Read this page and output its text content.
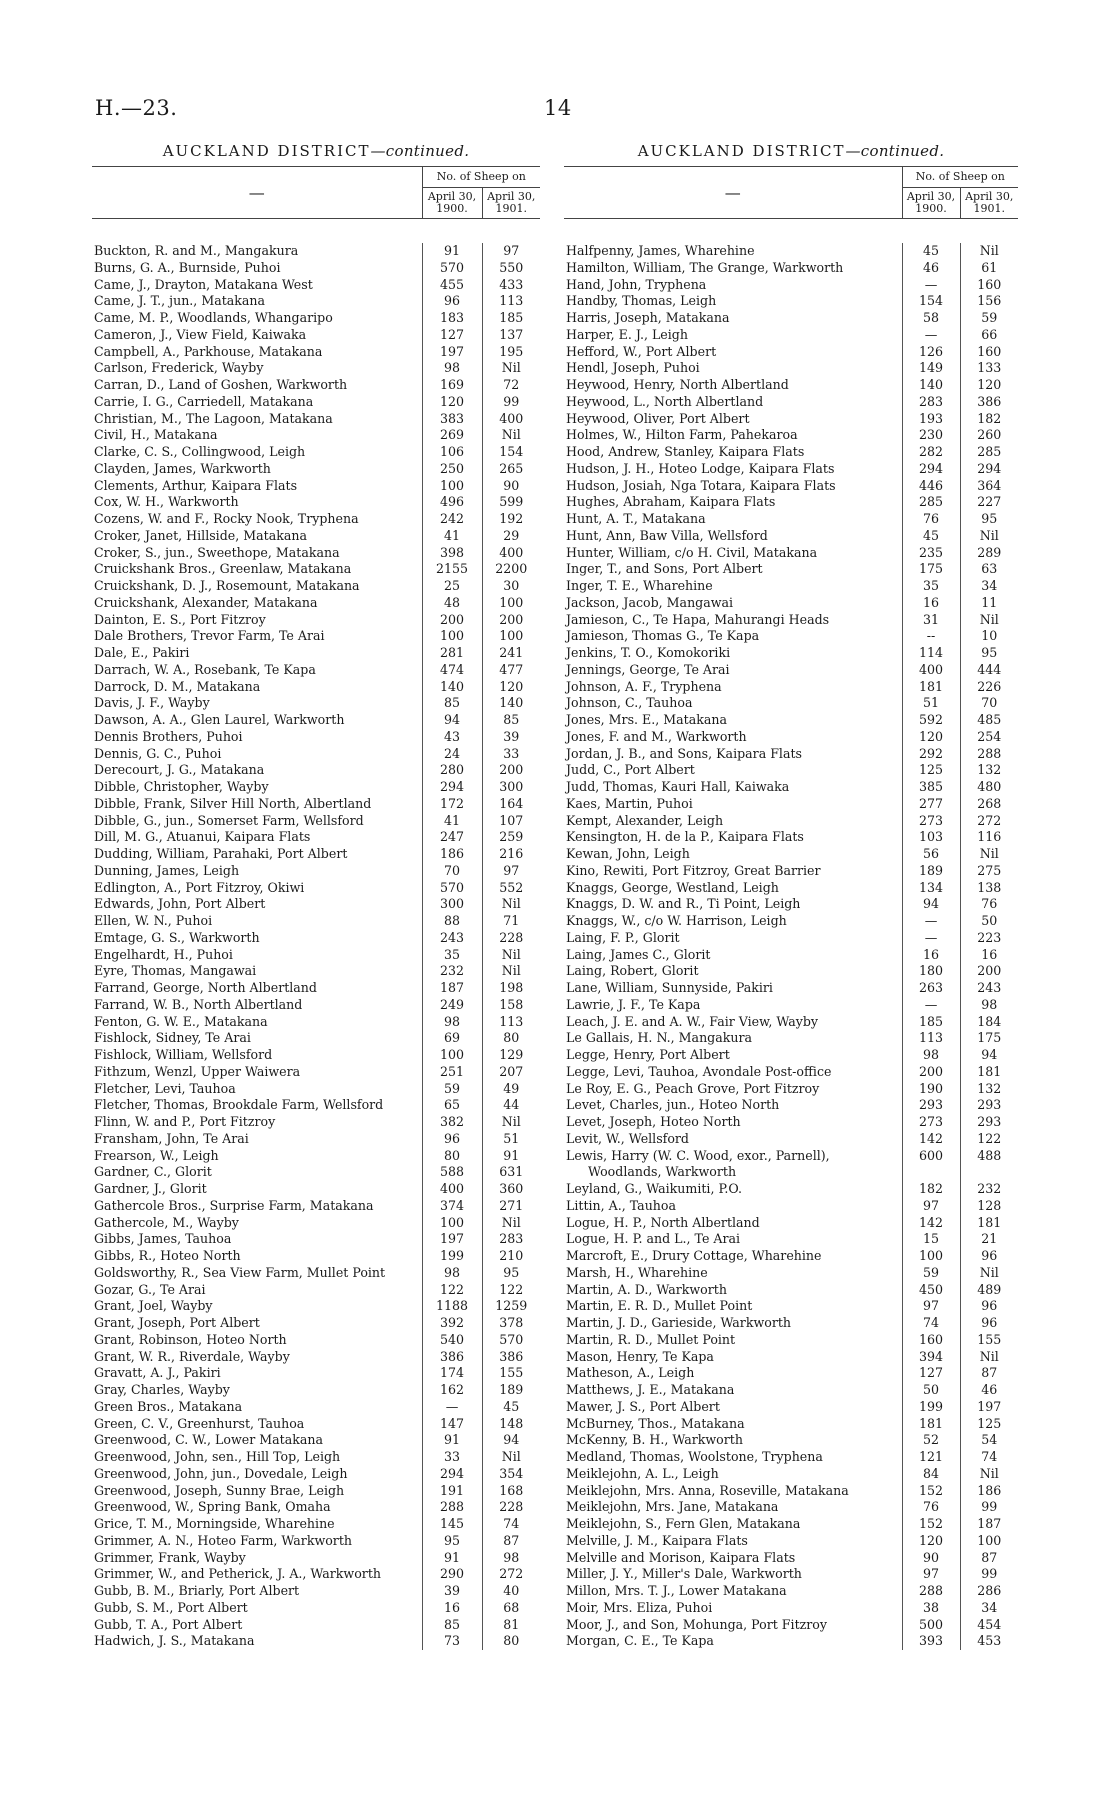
H.—23.	14
AUCKLAND DISTRICT—continued.
—	No. of Sheep on	
	April 30, 1900.	April 30, 1901.

Buckton, R. and M., Mangakura	91	97
Burns, G. A., Burnside, Puhoi	570	550
Came, J., Drayton, Matakana West	455	433
Came, J. T., jun., Matakana	96	113
Came, M. P., Woodlands, Whangaripo	183	185
Cameron, J., View Field, Kaiwaka	127	137
Campbell, A., Parkhouse, Matakana	197	195
Carlson, Frederick, Wayby	98	Nil
Carran, D., Land of Goshen, Warkworth	169	72
Carrie, I. G., Carriedell, Matakana	120	99
Christian, M., The Lagoon, Matakana	383	400
Civil, H., Matakana	269	Nil
Clarke, C. S., Collingwood, Leigh	106	154
Clayden, James, Warkworth	250	265
Clements, Arthur, Kaipara Flats	100	90
Cox, W. H., Warkworth	496	599
Cozens, W. and F., Rocky Nook, Tryphena	242	192
Croker, Janet, Hillside, Matakana	41	29
Croker, S., jun., Sweethope, Matakana	398	400
Cruickshank Bros., Greenlaw, Matakana	2155	2200
Cruickshank, D. J., Rosemount, Matakana	25	30
Cruickshank, Alexander, Matakana	48	100
Dainton, E. S., Port Fitzroy	200	200
Dale Brothers, Trevor Farm, Te Arai	100	100
Dale, E., Pakiri	281	241
Darrach, W. A., Rosebank, Te Kapa	474	477
Darrock, D. M., Matakana	140	120
Davis, J. F., Wayby	85	140
Dawson, A. A., Glen Laurel, Warkworth	94	85
Dennis Brothers, Puhoi	43	39
Dennis, G. C., Puhoi	24	33
Derecourt, J. G., Matakana	280	200
Dibble, Christopher, Wayby	294	300
Dibble, Frank, Silver Hill North, Albertland	172	164
Dibble, G., jun., Somerset Farm, Wellsford	41	107
Dill, M. G., Atuanui, Kaipara Flats	247	259
Dudding, William, Parahaki, Port Albert	186	216
Dunning, James, Leigh	70	97
Edlington, A., Port Fitzroy, Okiwi	570	552
Edwards, John, Port Albert	300	Nil
Ellen, W. N., Puhoi	88	71
Emtage, G. S., Warkworth	243	228
Engelhardt, H., Puhoi	35	Nil
Eyre, Thomas, Mangawai	232	Nil
Farrand, George, North Albertland	187	198
Farrand, W. B., North Albertland	249	158
Fenton, G. W. E., Matakana	98	113
Fishlock, Sidney, Te Arai	69	80
Fishlock, William, Wellsford	100	129
Fithzum, Wenzl, Upper Waiwera	251	207
Fletcher, Levi, Tauhoa	59	49
Fletcher, Thomas, Brookdale Farm, Wellsford	65	44
Flinn, W. and P., Port Fitzroy	382	Nil
Fransham, John, Te Arai	96	51
Frearson, W., Leigh	80	91
Gardner, C., Glorit	588	631
Gardner, J., Glorit	400	360
Gathercole Bros., Surprise Farm, Matakana	374	271
Gathercole, M., Wayby	100	Nil
Gibbs, James, Tauhoa	197	283
Gibbs, R., Hoteo North	199	210
Goldsworthy, R., Sea View Farm, Mullet Point	98	95
Gozar, G., Te Arai	122	122
Grant, Joel, Wayby	1188	1259
Grant, Joseph, Port Albert	392	378
Grant, Robinson, Hoteo North	540	570
Grant, W. R., Riverdale, Wayby	386	386
Gravatt, A. J., Pakiri	174	155
Gray, Charles, Wayby	162	189
Green Bros., Matakana	—	45
Green, C. V., Greenhurst, Tauhoa	147	148
Greenwood, C. W., Lower Matakana	91	94
Greenwood, John, sen., Hill Top, Leigh	33	Nil
Greenwood, John, jun., Dovedale, Leigh	294	354
Greenwood, Joseph, Sunny Brae, Leigh	191	168
Greenwood, W., Spring Bank, Omaha	288	228
Grice, T. M., Morningside, Wharehine	145	74
Grimmer, A. N., Hoteo Farm, Warkworth	95	87
Grimmer, Frank, Wayby	91	98
Grimmer, W., and Petherick, J. A., Warkworth	290	272
Gubb, B. M., Briarly, Port Albert	39	40
Gubb, S. M., Port Albert	16	68
Gubb, T. A., Port Albert	85	81
Hadwich, J. S., Matakana	73	80
AUCKLAND DISTRICT—continued.
—	No. of Sheep on	
	April 30, 1900.	April 30, 1901.

Halfpenny, James, Wharehine	45	Nil
Hamilton, William, The Grange, Warkworth	46	61
Hand, John, Tryphena	—	160
Handby, Thomas, Leigh	154	156
Harris, Joseph, Matakana	58	59
Harper, E. J., Leigh	—	66
Hefford, W., Port Albert	126	160
Hendl, Joseph, Puhoi	149	133
Heywood, Henry, North Albertland	140	120
Heywood, L., North Albertland	283	386
Heywood, Oliver, Port Albert	193	182
Holmes, W., Hilton Farm, Pahekaroa	230	260
Hood, Andrew, Stanley, Kaipara Flats	282	285
Hudson, J. H., Hoteo Lodge, Kaipara Flats	294	294
Hudson, Josiah, Nga Totara, Kaipara Flats	446	364
Hughes, Abraham, Kaipara Flats	285	227
Hunt, A. T., Matakana	76	95
Hunt, Ann, Baw Villa, Wellsford	45	Nil
Hunter, William, c/o H. Civil, Matakana	235	289
Inger, T., and Sons, Port Albert	175	63
Inger, T. E., Wharehine	35	34
Jackson, Jacob, Mangawai	16	11
Jamieson, C., Te Hapa, Mahurangi Heads	31	Nil
Jamieson, Thomas G., Te Kapa	--	10
Jenkins, T. O., Komokoriki	114	95
Jennings, George, Te Arai	400	444
Johnson, A. F., Tryphena	181	226
Johnson, C., Tauhoa	51	70
Jones, Mrs. E., Matakana	592	485
Jones, F. and M., Warkworth	120	254
Jordan, J. B., and Sons, Kaipara Flats	292	288
Judd, C., Port Albert	125	132
Judd, Thomas, Kauri Hall, Kaiwaka	385	480
Kaes, Martin, Puhoi	277	268
Kempt, Alexander, Leigh	273	272
Kensington, H. de la P., Kaipara Flats	103	116
Kewan, John, Leigh	56	Nil
Kino, Rewiti, Port Fitzroy, Great Barrier	189	275
Knaggs, George, Westland, Leigh	134	138
Knaggs, D. W. and R., Ti Point, Leigh	94	76
Knaggs, W., c/o W. Harrison, Leigh	—	50
Laing, F. P., Glorit	—	223
Laing, James C., Glorit	16	16
Laing, Robert, Glorit	180	200
Lane, William, Sunnyside, Pakiri	263	243
Lawrie, J. F., Te Kapa	—	98
Leach, J. E. and A. W., Fair View, Wayby	185	184
Le Gallais, H. N., Mangakura	113	175
Legge, Henry, Port Albert	98	94
Legge, Levi, Tauhoa, Avondale Post-office	200	181
Le Roy, E. G., Peach Grove, Port Fitzroy	190	132
Levet, Charles, jun., Hoteo North	293	293
Levet, Joseph, Hoteo North	273	293
Levit, W., Wellsford	142	122
Lewis, Harry (W. C. Wood, exor., Parnell),	600	488
Woodlands, Warkworth		
Leyland, G., Waikumiti, P.O.	182	232
Littin, A., Tauhoa	97	128
Logue, H. P., North Albertland	142	181
Logue, H. P. and L., Te Arai	15	21
Marcroft, E., Drury Cottage, Wharehine	100	96
Marsh, H., Wharehine	59	Nil
Martin, A. D., Warkworth	450	489
Martin, E. R. D., Mullet Point	97	96
Martin, J. D., Garieside, Warkworth	74	96
Martin, R. D., Mullet Point	160	155
Mason, Henry, Te Kapa	394	Nil
Matheson, A., Leigh	127	87
Matthews, J. E., Matakana	50	46
Mawer, J. S., Port Albert	199	197
McBurney, Thos., Matakana	181	125
McKenny, B. H., Warkworth	52	54
Medland, Thomas, Woolstone, Tryphena	121	74
Meiklejohn, A. L., Leigh	84	Nil
Meiklejohn, Mrs. Anna, Roseville, Matakana	152	186
Meiklejohn, Mrs. Jane, Matakana	76	99
Meiklejohn, S., Fern Glen, Matakana	152	187
Melville, J. M., Kaipara Flats	120	100
Melville and Morison, Kaipara Flats	90	87
Miller, J. Y., Miller's Dale, Warkworth	97	99
Millon, Mrs. T. J., Lower Matakana	288	286
Moir, Mrs. Eliza, Puhoi	38	34
Moor, J., and Son, Mohunga, Port Fitzroy	500	454
Morgan, C. E., Te Kapa	393	453
